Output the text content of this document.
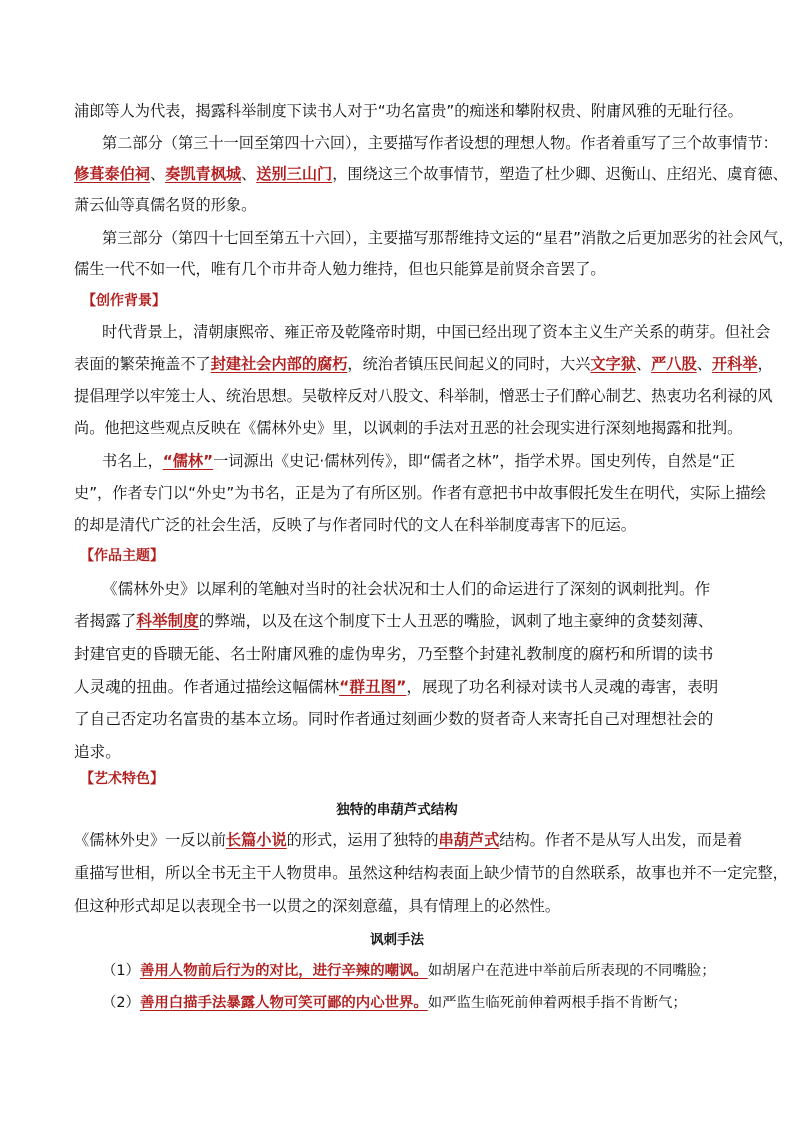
浦郎等人为代表，揭露科举制度下读书人对于“功名富贵”的痴迷和攀附权贵、附庸风雅的无耻行径。
第二部分（第三十一回至第四十六回），主要描写作者设想的理想人物。作者着重写了三个故事情节：
修葺泰伯祠、奏凯青枫城、送别三山门，围绕这三个故事情节，塑造了杜少卿、迟衡山、庄绍光、虞育德、
萧云仙等真儒名贤的形象。
第三部分（第四十七回至第五十六回），主要描写那帮维持文运的“星君”消散之后更加恶劣的社会风气，
儒生一代不如一代，唯有几个市井奇人勉力维持，但也只能算是前贤余音罢了。
【创作背景】
时代背景上，清朝康熙帝、雍正帝及乾隆帝时期，中国已经出现了资本主义生产关系的萌芽。但社会
表面的繁荣掩盖不了封建社会内部的腐朽，统治者镇压民间起义的同时，大兴文字狱、严八股、开科举，
提倡理学以牢笼士人、统治思想。吴敬梓反对八股文、科举制，憎恶士子们醉心制艺、热衷功名利禄的风
尚。他把这些观点反映在《儒林外史》里，以讽刺的手法对丑恶的社会现实进行深刻地揭露和批判。
书名上，“儒林”一词源出《史记·儒林列传》，即“儒者之林”，指学术界。国史列传，自然是“正
史”，作者专门以“外史”为书名，正是为了有所区别。作者有意把书中故事假托发生在明代，实际上描绘
的却是清代广泛的社会生活，反映了与作者同时代的文人在科举制度毒害下的厄运。
【作品主题】
《儒林外史》以犀利的笔触对当时的社会状况和士人们的命运进行了深刻的讽刺批判。作
者揭露了科举制度的弊端，以及在这个制度下士人丑恶的嘴脸，讽刺了地主豪绅的贪婪刻薄、
封建官吏的昏聩无能、名士附庸风雅的虚伪卑劣，乃至整个封建礼教制度的腐朽和所谓的读书
人灵魂的扭曲。作者通过描绘这幅儒林“群丑图”，展现了功名利禄对读书人灵魂的毒害，表明
了自己否定功名富贵的基本立场。同时作者通过刻画少数的贤者奇人来寄托自己对理想社会的
追求。
【艺术特色】
独特的串葫芦式结构
《儒林外史》一反以前长篇小说的形式，运用了独特的串葫芦式结构。作者不是从写人出发，而是着
重描写世相，所以全书无主干人物贯串。虽然这种结构表面上缺少情节的自然联系，故事也并不一定完整，
但这种形式却足以表现全书一以贯之的深刻意蕴，具有情理上的必然性。
讽刺手法
（1）善用人物前后行为的对比，进行辛辣的嘲讽。如胡屠户在范进中举前后所表现的不同嘴脸；
（2）善用白描手法暴露人物可笑可鄙的内心世界。如严监生临死前伸着两根手指不肯断气；
